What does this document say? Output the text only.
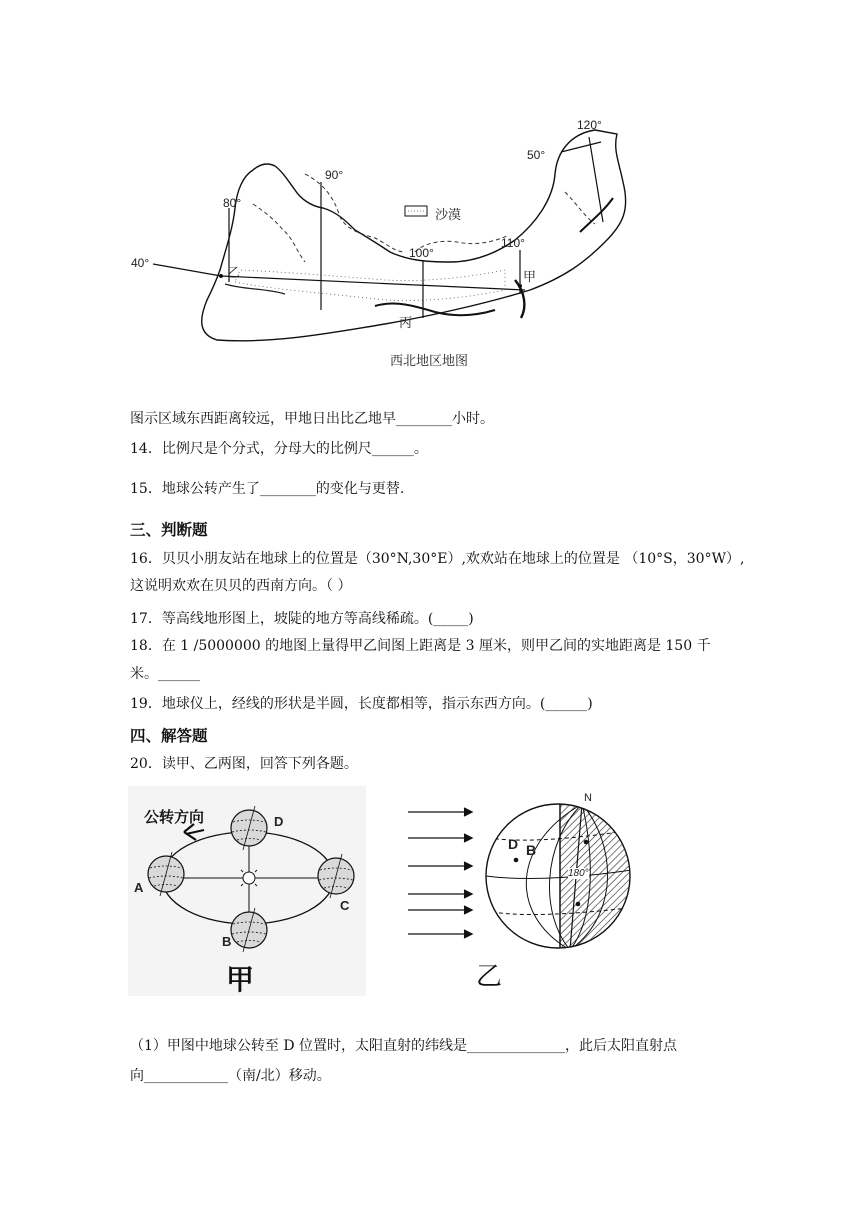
120°
50°
90°
80°
40°
100°
110°
乙	甲
丙
沙漠
西北地区地图
图示区域东西距离较远，甲地日出比乙地早________小时。
14．比例尺是个分式，分母大的比例尺______。
15．地球公转产生了________的变化与更替.
三、判断题
16．贝贝小朋友站在地球上的位置是（30°N,30°E）,欢欢站在地球上的位置是 （10°S，30°W）,
这说明欢欢在贝贝的西南方向。（ ）
17．等高线地形图上，坡陡的地方等高线稀疏。(_____)
18．在 1 /5000000 的地图上量得甲乙间图上距离是 3 厘米，则甲乙间的实地距离是 150 千
米。______
19．地球仪上，经线的形状是半圆，长度都相等，指示东西方向。(______)
四、解答题
20．读甲、乙两图，回答下列各题。
公转方向
A
B
C
D
甲
N
D B
180°
乙
（1）甲图中地球公转至 D 位置时，太阳直射的纬线是______________，此后太阳直射点
向____________（南/北）移动。
